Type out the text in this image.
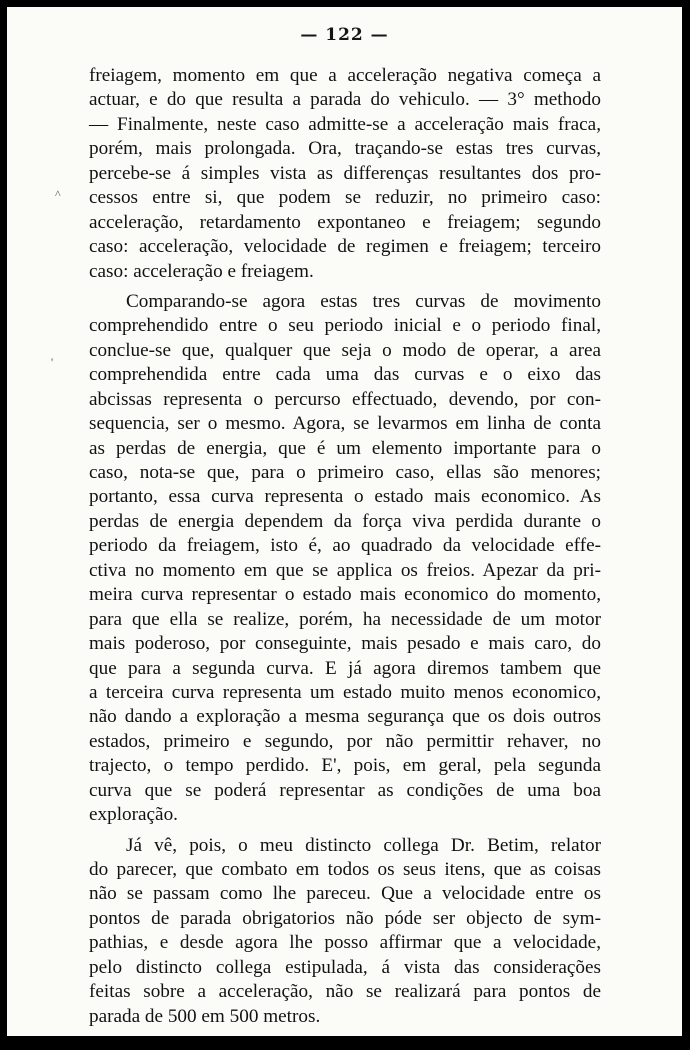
— 122 —
freiagem, momento em que a acceleração negativa começa a
actuar, e do que resulta a parada do vehiculo. — 3° methodo
— Finalmente, neste caso admitte-se a acceleração mais fraca,
porém, mais prolongada. Ora, traçando-se estas tres curvas,
percebe-se á simples vista as differenças resultantes dos pro-
cessos entre si, que podem se reduzir, no primeiro caso:
acceleração, retardamento expontaneo e freiagem; segundo
caso: acceleração, velocidade de regimen e freiagem; terceiro
caso: acceleração e freiagem.
Comparando-se agora estas tres curvas de movimento
comprehendido entre o seu periodo inicial e o periodo final,
conclue-se que, qualquer que seja o modo de operar, a area
comprehendida entre cada uma das curvas e o eixo das
abcissas representa o percurso effectuado, devendo, por con-
sequencia, ser o mesmo. Agora, se levarmos em linha de conta
as perdas de energia, que é um elemento importante para o
caso, nota-se que, para o primeiro caso, ellas são menores;
portanto, essa curva representa o estado mais economico. As
perdas de energia dependem da força viva perdida durante o
periodo da freiagem, isto é, ao quadrado da velocidade effe-
ctiva no momento em que se applica os freios. Apezar da pri-
meira curva representar o estado mais economico do momento,
para que ella se realize, porém, ha necessidade de um motor
mais poderoso, por conseguinte, mais pesado e mais caro, do
que para a segunda curva. E já agora diremos tambem que
a terceira curva representa um estado muito menos economico,
não dando a exploração a mesma segurança que os dois outros
estados, primeiro e segundo, por não permittir rehaver, no
trajecto, o tempo perdido. E', pois, em geral, pela segunda
curva que se poderá representar as condições de uma boa
exploração.
Já vê, pois, o meu distincto collega Dr. Betim, relator
do parecer, que combato em todos os seus itens, que as coisas
não se passam como lhe pareceu. Que a velocidade entre os
pontos de parada obrigatorios não póde ser objecto de sym-
pathias, e desde agora lhe posso affirmar que a velocidade,
pelo distincto collega estipulada, á vista das considerações
feitas sobre a acceleração, não se realizará para pontos de
parada de 500 em 500 metros.
^
'
